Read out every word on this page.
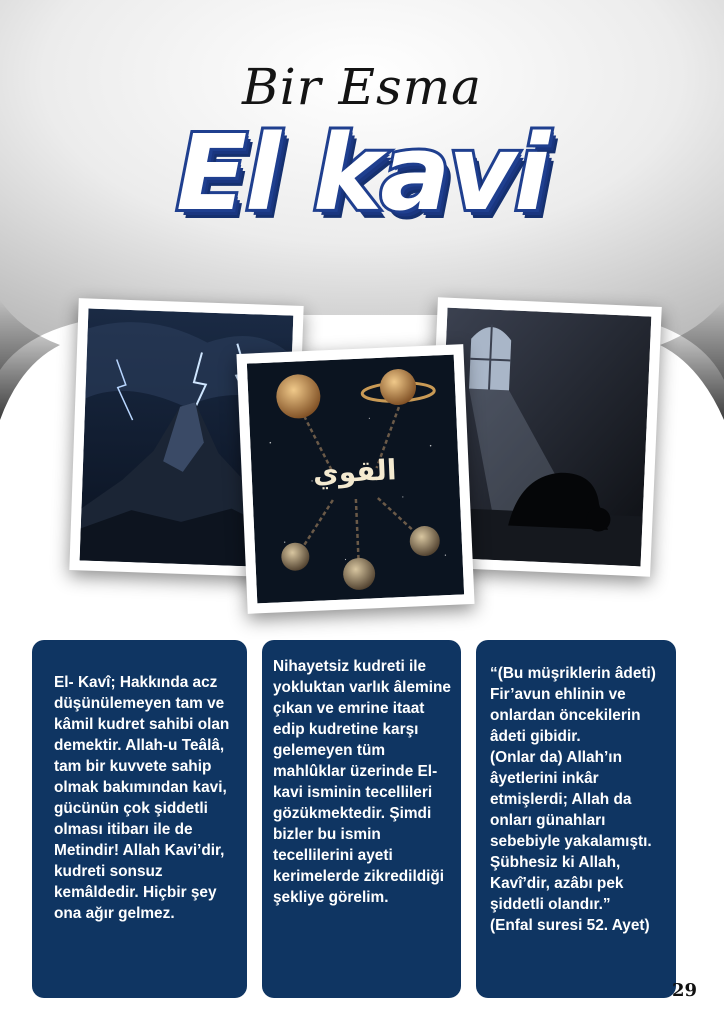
Bir Esma
El kavi
القوي

El- Kavî; Hakkında acz düşünülemeyen tam ve kâmil kudret sahibi olan demektir. Allah-u Teâlâ, tam bir kuvvete sahip olmak bakımından kavi, gücünün çok şiddetli olması itibarı ile de Metindir! Allah Kavi’dir, kudreti sonsuz kemâldedir. Hiçbir şey ona ağır gelmez.

Nihayetsiz kudreti ile yokluktan varlık âlemine çıkan ve emrine itaat edip kudretine karşı gelemeyen tüm mahlûklar üzerinde El- kavi isminin tecellileri gözükmektedir. Şimdi bizler bu ismin tecellilerini ayeti kerimelerde zikredildiği şekliye görelim.

“(Bu müşriklerin âdeti) Fir’avun ehlinin ve onlardan öncekilerin âdeti gibidir.

(Onlar da) Allah’ın âyetlerini inkâr etmişlerdi; Allah da onları günahları sebebiyle yakalamıştı. Şübhesiz ki Allah, Kavî’dir, azâbı pek şiddetli olandır.”

(Enfal suresi 52. Ayet)

29
